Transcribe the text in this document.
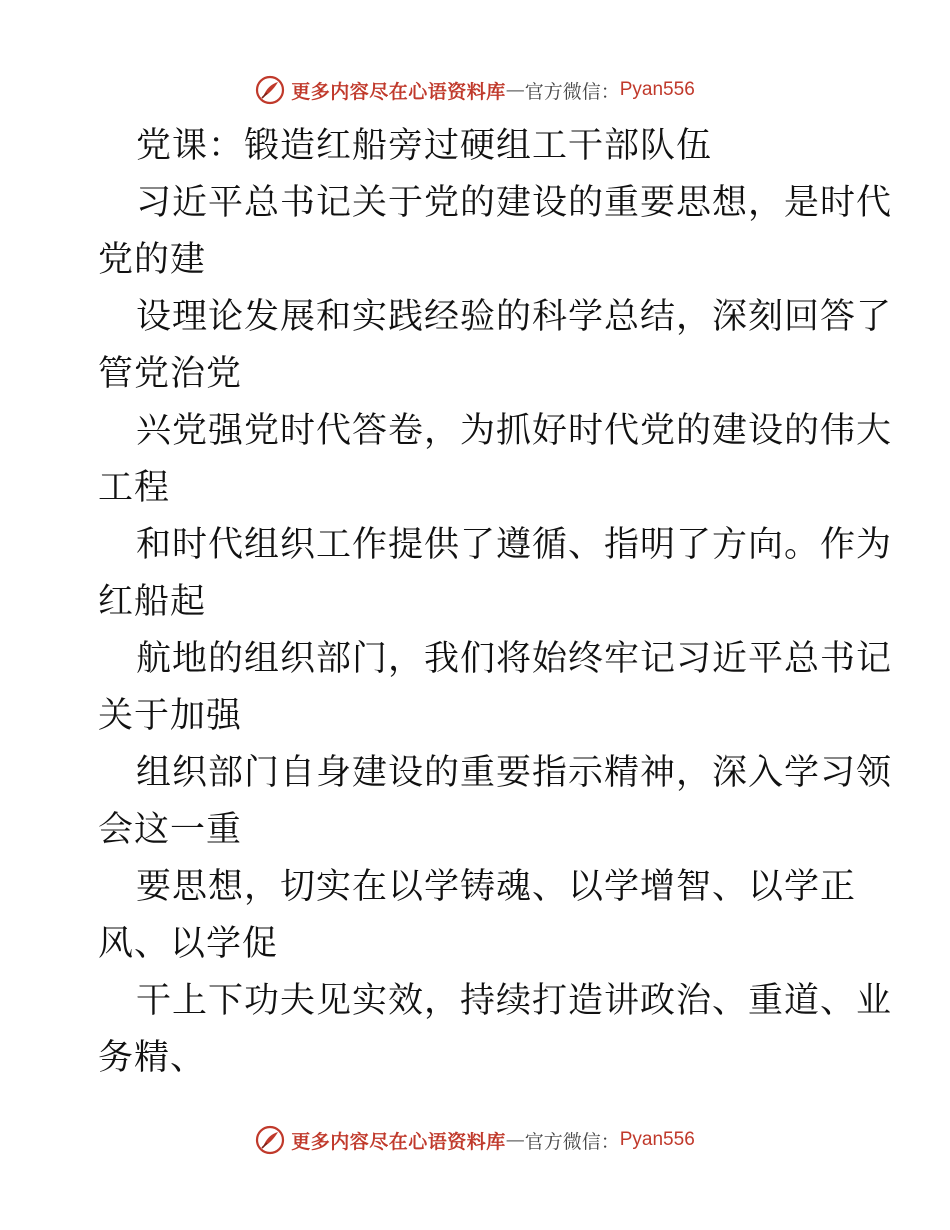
更多内容尽在心语资料库 — 官方微信： Pyan556
党课：锻造红船旁过硬组工干部队伍
习近平总书记关于党的建设的重要思想，是时代
党的建
设理论发展和实践经验的科学总结，深刻回答了
管党治党
兴党强党时代答卷，为抓好时代党的建设的伟大
工程
和时代组织工作提供了遵循、指明了方向。作为
红船起
航地的组织部门，我们将始终牢记习近平总书记
关于加强
组织部门自身建设的重要指示精神，深入学习领
会这一重
要思想，切实在以学铸魂、以学增智、以学正
风、以学促
干上下功夫见实效，持续打造讲政治、重道、业
务精、
更多内容尽在心语资料库 — 官方微信： Pyan556
